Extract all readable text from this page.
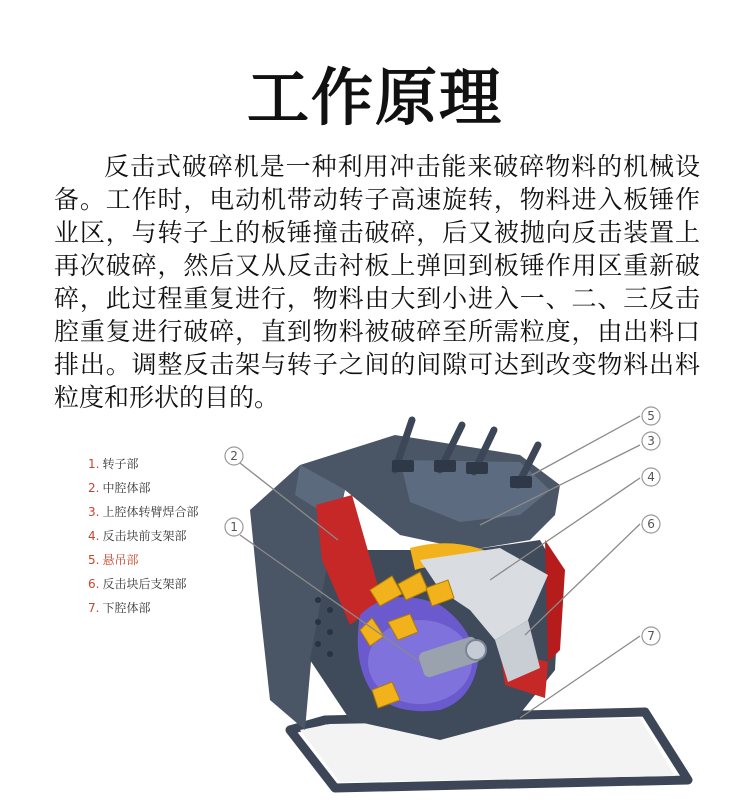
工作原理

反击式破碎机是一种利用冲击能来破碎物料的机械设备。工作时，电动机带动转子高速旋转，物料进入板锤作业区，与转子上的板锤撞击破碎，后又被抛向反击装置上再次破碎，然后又从反击衬板上弹回到板锤作用区重新破碎，此过程重复进行，物料由大到小进入一、二、三反击腔重复进行破碎，直到物料被破碎至所需粒度，由出料口排出。调整反击架与转子之间的间隙可达到改变物料出料粒度和形状的目的。

1. 转子部
2. 中腔体部
3. 上腔体转臂焊合部
4. 反击块前支架部
5. 悬吊部
6. 反击块后支架部
7. 下腔体部
1
2
3
4
5
6
7
